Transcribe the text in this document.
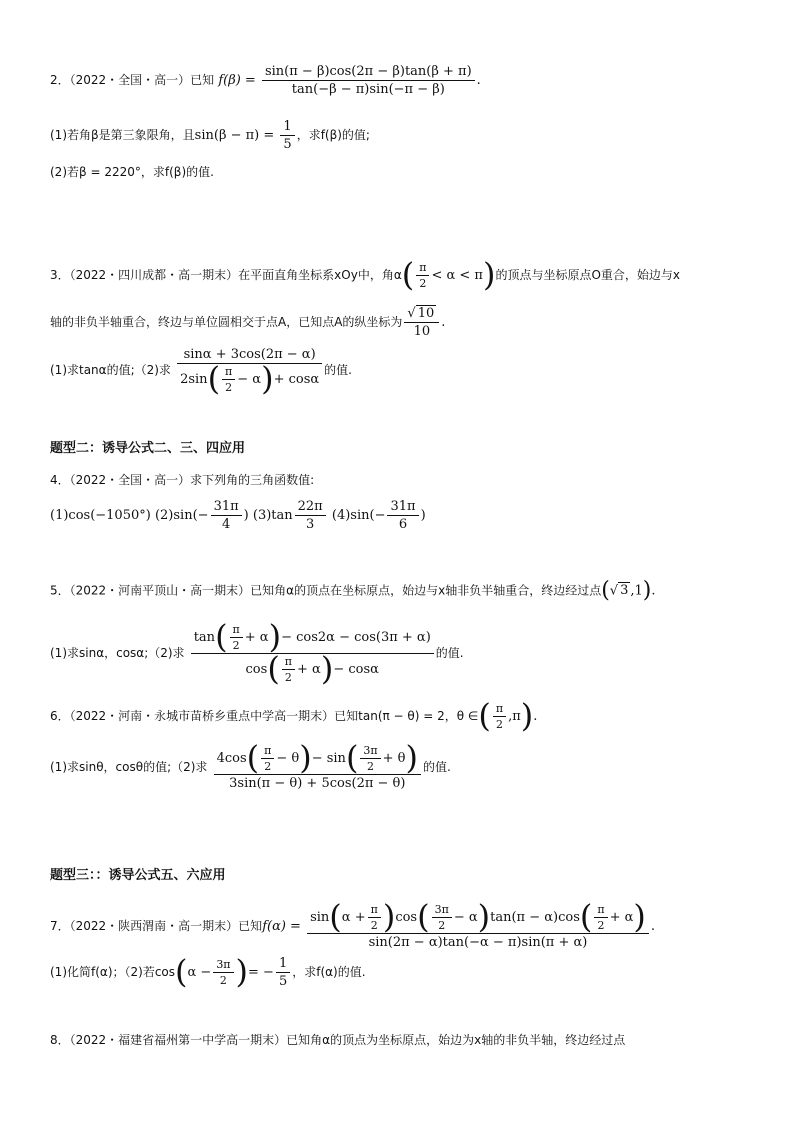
2．（2022・全国・高一）已知 $f(\beta) = \frac{\sin(\pi - \beta)\cos(2\pi - \beta)\tan(\beta + \pi)}{\tan(-\beta - \pi)\sin(-\pi - \beta)}$ .
(1)若角β是第三象限角，且$\sin(\beta - \pi) = \frac{1}{5}$ ，求f(β)的值;
(2)若β = 2220°，求f(β)的值.
3．（2022・四川成都・高一期末）在平面直角坐标系xOy中，角$\alpha( \frac{\pi}{2} < \alpha < \pi)$的顶点与坐标原点O重合，始边与x
轴的非负半轴重合，终边与单位圆相交于点A，已知点A的纵坐标为 $\frac{√ 10}{10}$ .
(1)求tanα的值;（2)求 $\frac{\sin\alpha + 3\cos(2\pi - \alpha)}{2\sin( \frac{\pi}{2} - \alpha)+ \cos\alpha}$ 的值.
题型二：诱导公式二、三、四应用
4．（2022・全国・高一）求下列角的三角函数值:
(1)cos(−1050°) $(2)\sin(- \frac{31\pi}{4}$ ) $(3)\tan \frac{22\pi}{3} (4)\sin(- \frac{31\pi}{6}$ )
5．（2022・河南平顶山・高一期末）已知角α的顶点在坐标原点，始边与x轴非负半轴重合，终边经过点(√ 3 ,1).
(1)求sinα，cosα;（2)求 $\frac{\tan( \frac{\pi}{2} + \alpha)- \cos 2\alpha - \cos(3\pi + \alpha)}{\cos( \frac{\pi}{2} + \alpha)- \cos\alpha}$ 的值.
6．（2022・河南・永城市苗桥乡重点中学高一期末）已知tan(π − θ) = 2，θ ∈( $\frac{\pi}{2} ,\pi$).
(1)求sinθ，cosθ的值;（2)求 $\frac{4\cos( \frac{\pi}{2} - \theta)- \sin( \frac{3\pi}{2} + \theta)}{3\sin(\pi - \theta) + 5\cos(2\pi - \theta)}$ 的值.
题型三：：诱导公式五、六应用
7．（2022・陕西渭南・高一期末）已知$f(\alpha) = \frac{\sin(\alpha + \frac{\pi}{2} )\cos( \frac{3\pi}{2} - \alpha)\tan(\pi - \alpha)\cos( \frac{\pi}{2} + \alpha)}{\sin(2\pi - \alpha)\tan(-\alpha - \pi)\sin(\pi + \alpha)}$ .
(1)化简f(α)；（2)若$\cos(\alpha - \frac{3\pi}{2}$ )= − $\frac{1}{5}$ ，求f(α)的值.
8．（2022・福建省福州第一中学高一期末）已知角α的顶点为坐标原点，始边为x轴的非负半轴，终边经过点
